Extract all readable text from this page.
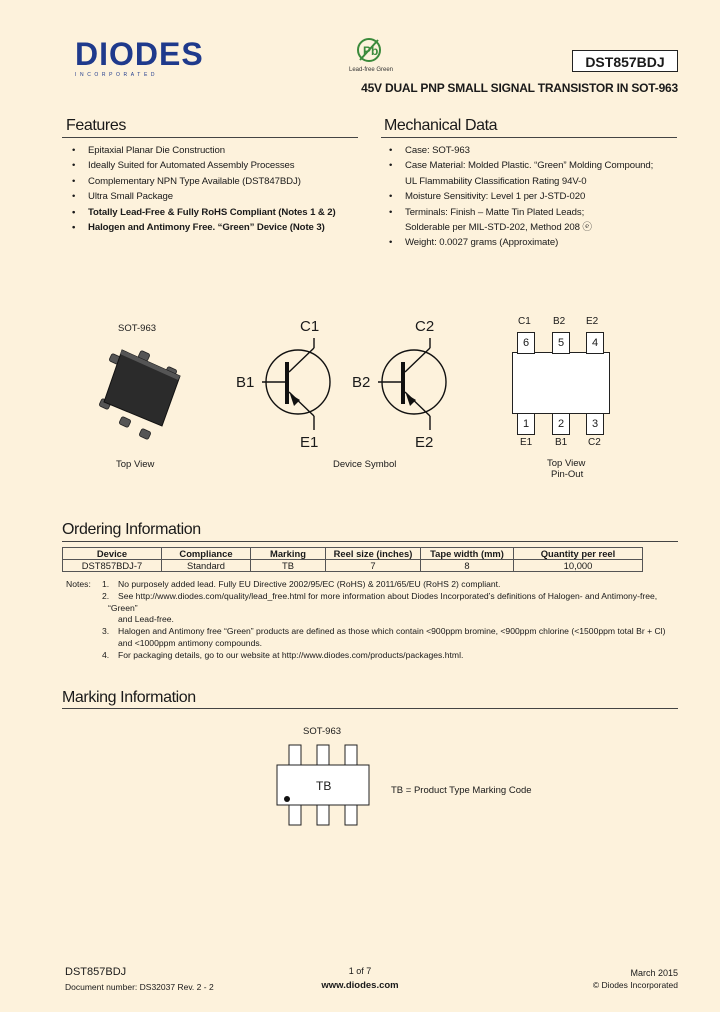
DIODES
INCORPORATED
Pb
Lead-free Green	DST857BDJ
45V DUAL PNP SMALL SIGNAL TRANSISTOR IN SOT-963
Features
• Epitaxial Planar Die Construction
• Ideally Suited for Automated Assembly Processes
• Complementary NPN Type Available (DST847BDJ)
• Ultra Small Package
• Totally Lead-Free & Fully RoHS Compliant (Notes 1 & 2)
• Halogen and Antimony Free. “Green” Device (Note 3)
Mechanical Data
• Case: SOT-963
• Case Material: Molded Plastic. “Green” Molding Compound;
UL Flammability Classification Rating 94V-0
• Moisture Sensitivity: Level 1 per J-STD-020
• Terminals: Finish – Matte Tin Plated Leads;
Solderable per MIL-STD-202, Method 208 ⓔ
• Weight: 0.0027 grams (Approximate)
SOT-963
Top View
C1
B1
E1
C2
B2
E2
Device Symbol
6	5	4
1	2	3
C1 B2 E2
E1 B1 C2
Top View
Pin-Out
Ordering Information
Device	Compliance	Marking	Reel size (inches)	Tape width (mm)	Quantity per reel
DST857BDJ-7	Standard	TB	7	8	10,000
Notes: 1. No purposely added lead. Fully EU Directive 2002/95/EC (RoHS) & 2011/65/EU (RoHS 2) compliant.
2. See http://www.diodes.com/quality/lead_free.html for more information about Diodes Incorporated’s definitions of Halogen- and Antimony-free, “Green”
and Lead-free.
3. Halogen and Antimony free “Green” products are defined as those which contain <900ppm bromine, <900ppm chlorine (<1500ppm total Br + Cl)
and <1000ppm antimony compounds.
4. For packaging details, go to our website at http://www.diodes.com/products/packages.html.
Marking Information
SOT-963
TB	TB = Product Type Marking Code
DST857BDJ
Document number: DS32037 Rev. 2 - 2
1 of 7
www.diodes.com
March 2015
© Diodes Incorporated
